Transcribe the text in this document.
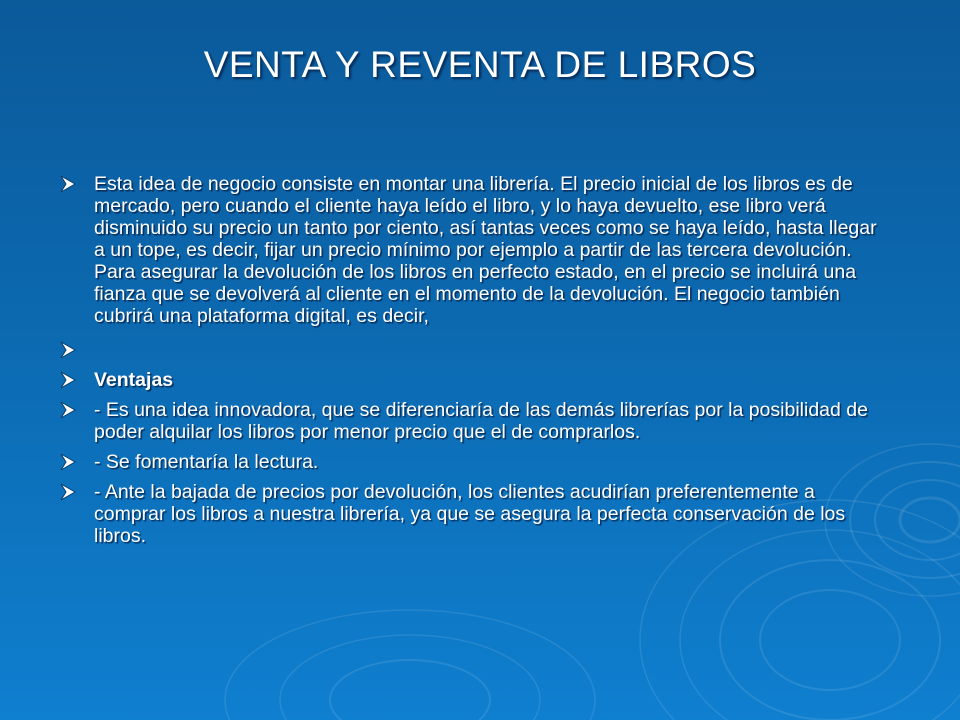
VENTA Y REVENTA DE LIBROS
Esta idea de negocio consiste en montar una librería. El precio inicial de los libros es de mercado, pero cuando el cliente haya leído el libro, y lo haya devuelto, ese libro verá disminuido su precio un tanto por ciento, así tantas veces como se haya leído, hasta llegar a un tope, es decir, fijar un precio mínimo por ejemplo a partir de las tercera devolución. Para asegurar la devolución de los libros en perfecto estado, en el precio se incluirá una fianza que se devolverá al cliente en el momento de la devolución. El negocio también cubrirá una plataforma digital, es decir,
Ventajas
- Es una idea innovadora, que se diferenciaría de las demás librerías por la posibilidad de poder alquilar los libros por menor precio que el de comprarlos.
- Se fomentaría la lectura.
- Ante la bajada de precios por devolución, los clientes acudirían preferentemente a comprar los libros a nuestra librería, ya que se asegura la perfecta conservación de los libros.
